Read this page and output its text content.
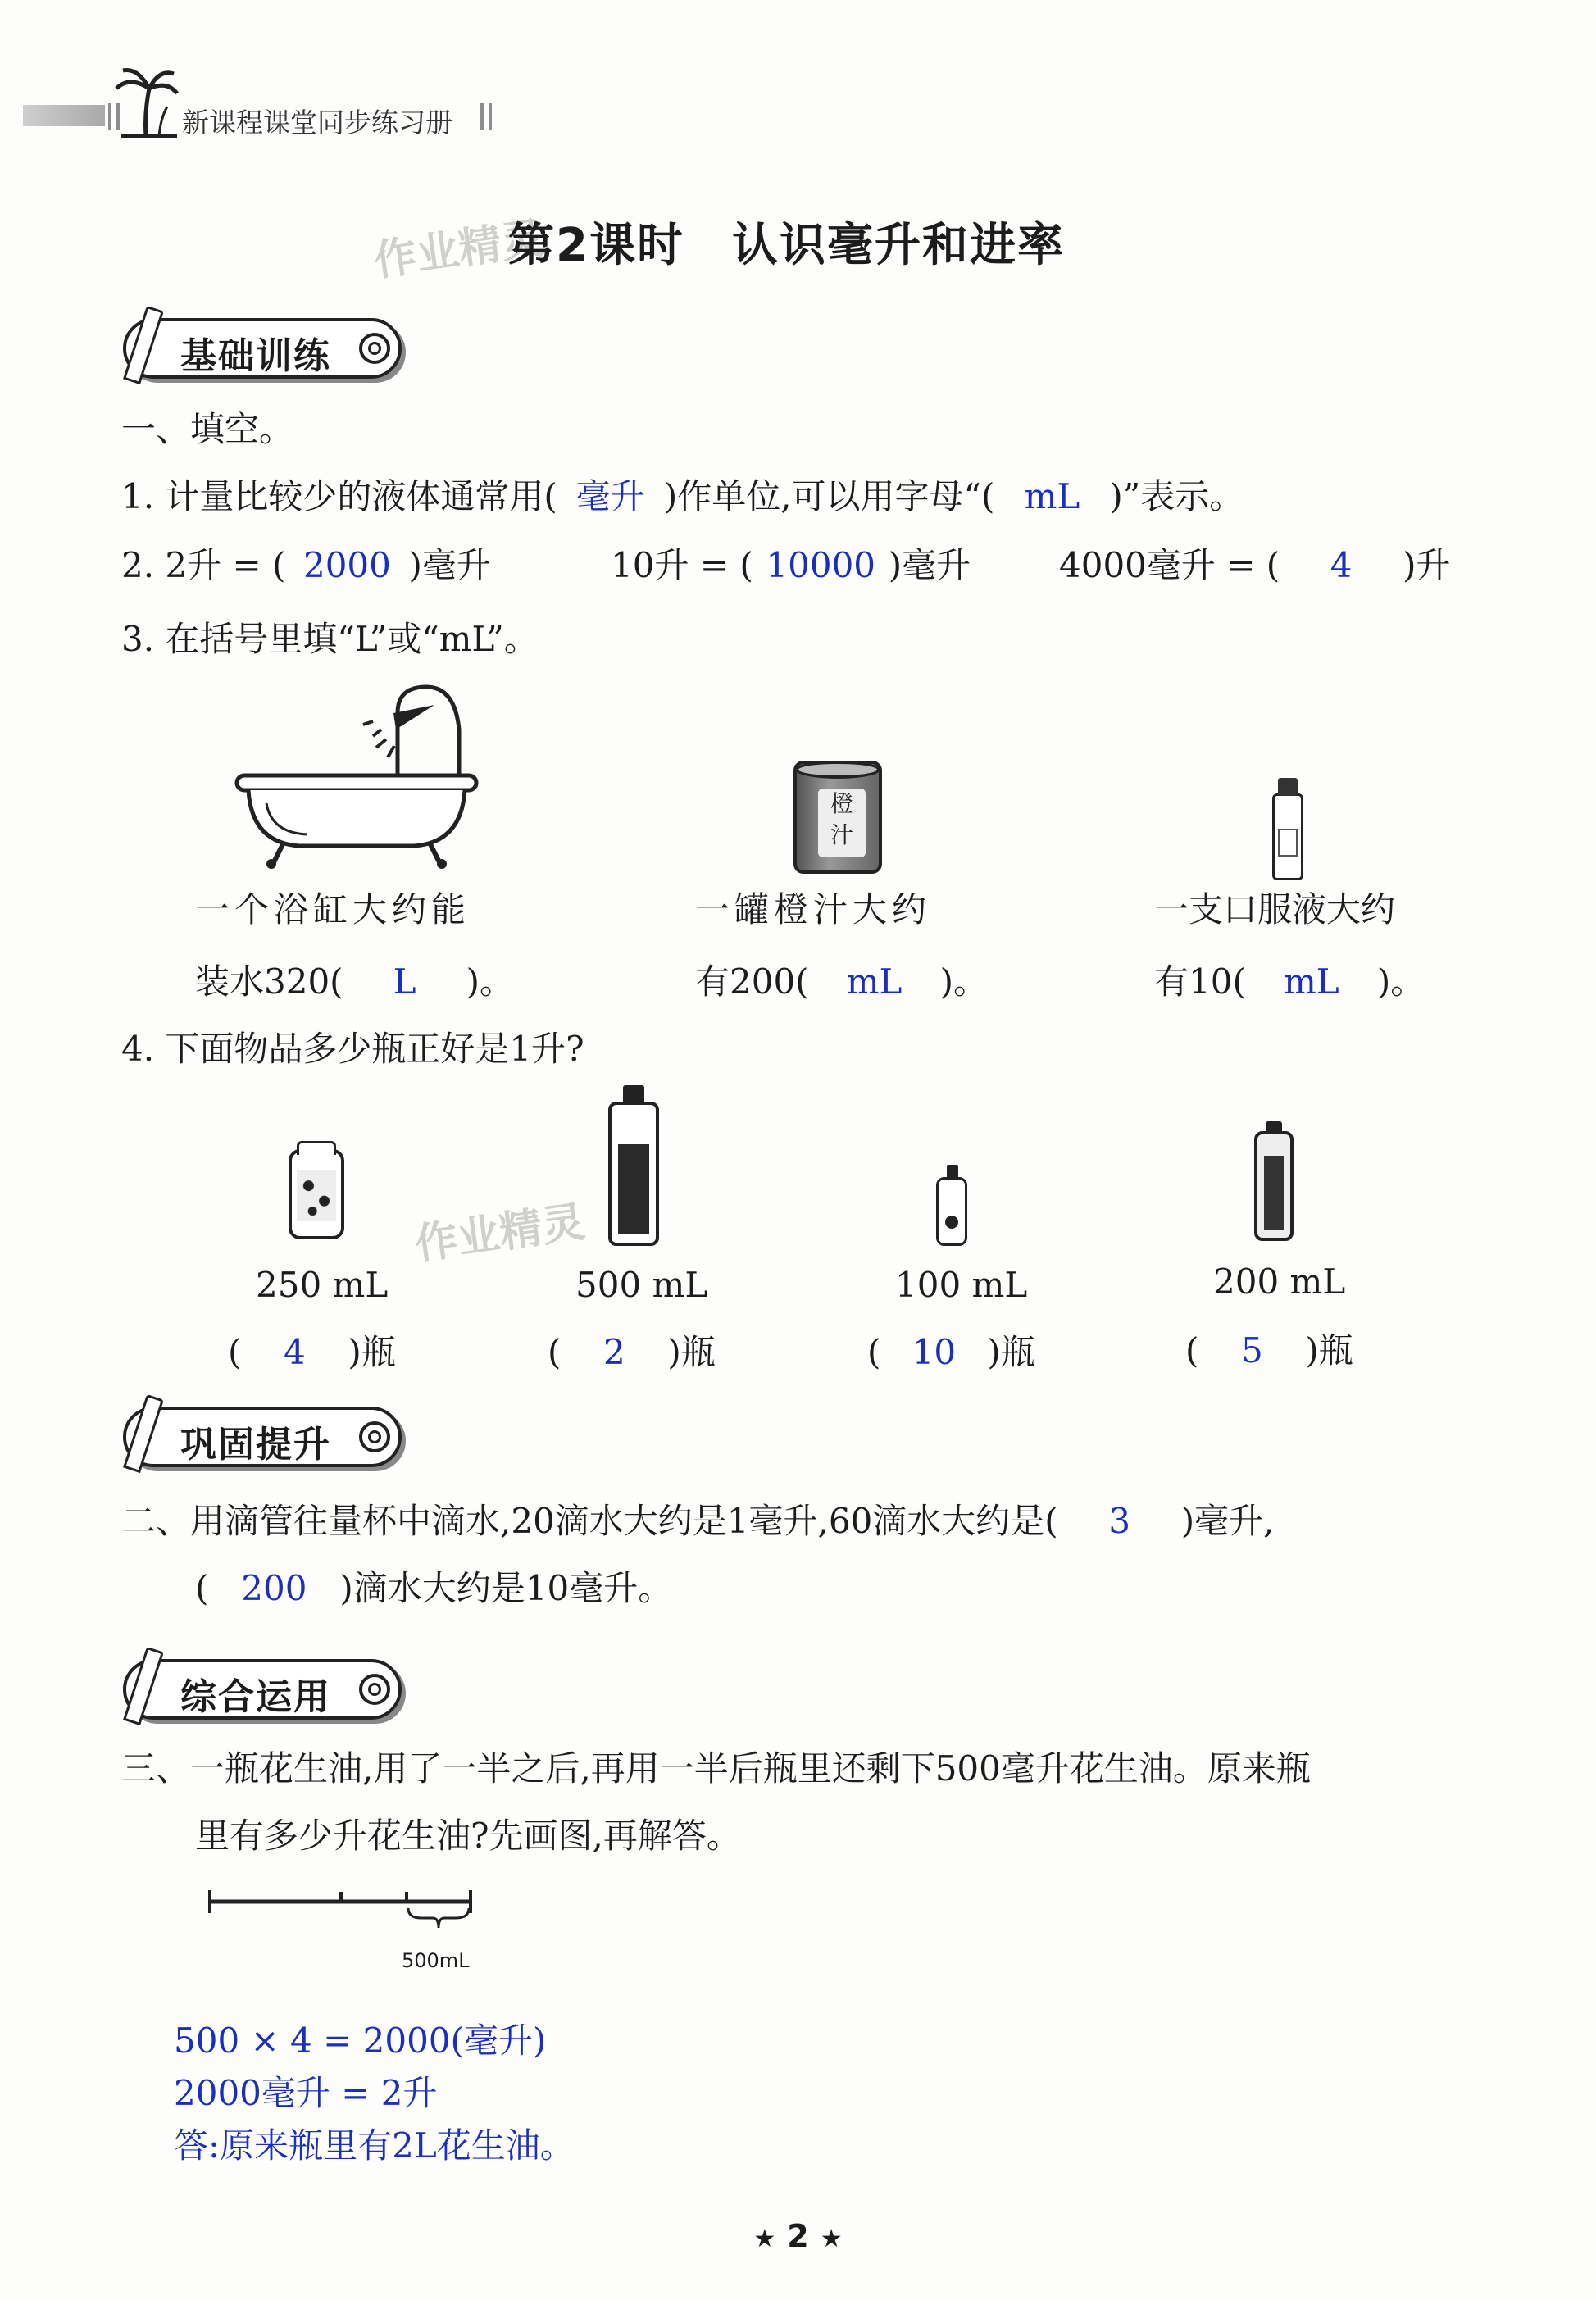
新课程课堂同步练习册
作业精灵
第2课时　认识毫升和进率
基础训练
一、填空。
1. 计量比较少的液体通常用( 毫升 )作单位,可以用字母“( mL )”表示。
2. 2升 = ( 2000 )毫升	10升 = ( 10000 )毫升	4000毫升 = ( 4 )升
3. 在括号里填“L”或“mL”。
橙
汁
一个浴缸大约能
装水320( L )。
一罐橙汁大约
有200( mL )。
一支口服液大约
有10( mL )。
4. 下面物品多少瓶正好是1升?
作业精灵
250 mL	500 mL	100 mL	200 mL
( 4 )瓶	( 2 )瓶	( 10 )瓶	( 5 )瓶
巩固提升
二、用滴管往量杯中滴水,20滴水大约是1毫升,60滴水大约是( 3 )毫升,
( 200 )滴水大约是10毫升。
综合运用
三、一瓶花生油,用了一半之后,再用一半后瓶里还剩下500毫升花生油。原来瓶
里有多少升花生油?先画图,再解答。
500mL
500 × 4 = 2000(毫升)
2000毫升 = 2升
答:原来瓶里有2L花生油。
★ 2 ★
